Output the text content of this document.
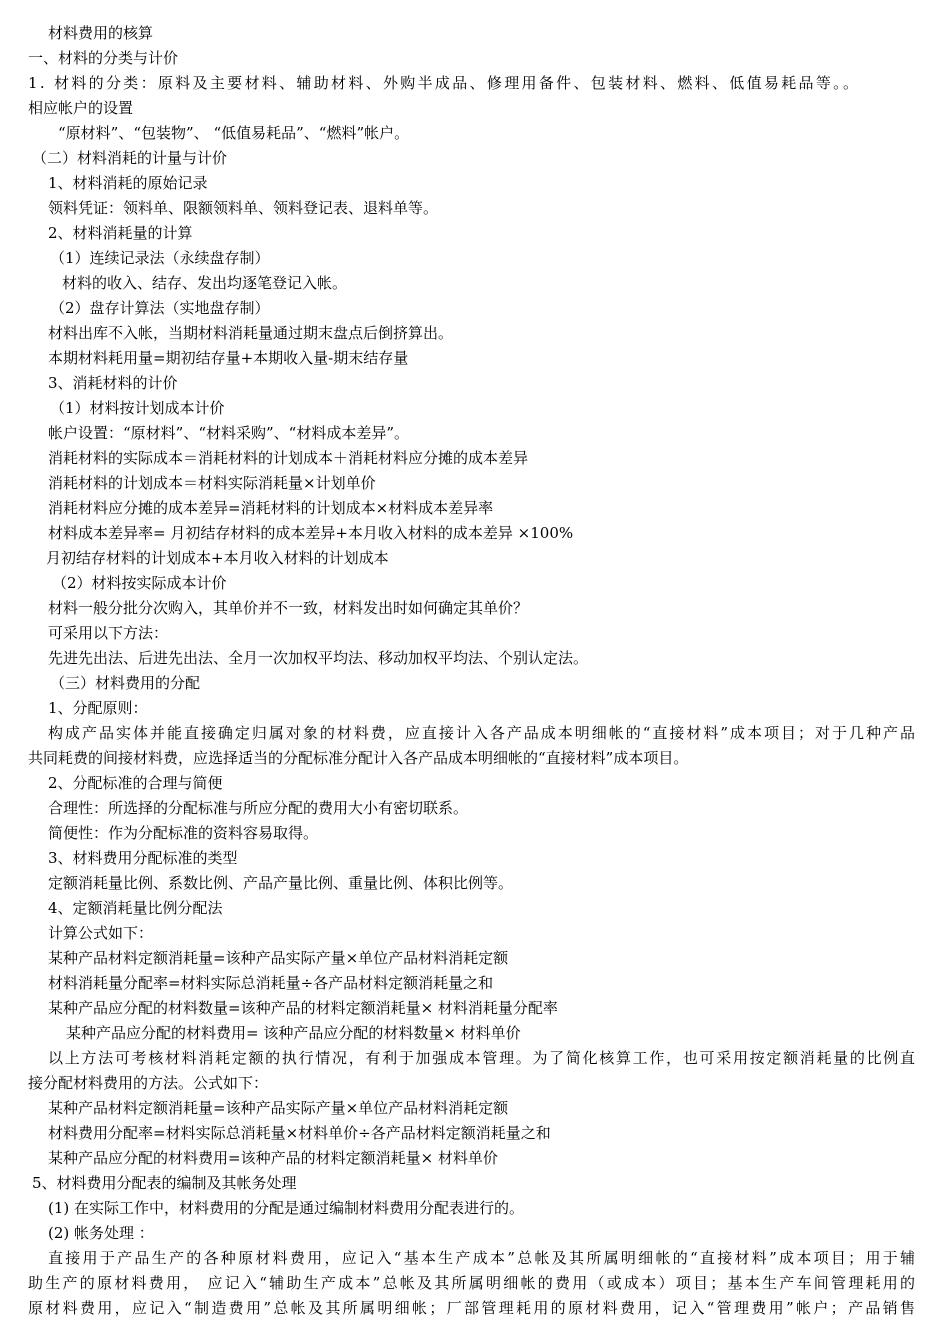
材料费用的核算
一、材料的分类与计价
1. 材料的分类：原料及主要材料、辅助材料、外购半成品、修理用备件、包装材料、燃料、低值易耗品等。。
相应帐户的设置
“原材料”、“包装物”、 “低值易耗品”、“燃料”帐户。
（二）材料消耗的计量与计价
1、材料消耗的原始记录
领料凭证：领料单、限额领料单、领料登记表、退料单等。
2、材料消耗量的计算
（1）连续记录法（永续盘存制）
材料的收入、结存、发出均逐笔登记入帐。
（2）盘存计算法（实地盘存制）
材料出库不入帐，当期材料消耗量通过期末盘点后倒挤算出。
本期材料耗用量=期初结存量+本期收入量-期末结存量
3、消耗材料的计价
（1）材料按计划成本计价
帐户设置：“原材料”、“材料采购”、“材料成本差异”。
消耗材料的实际成本＝消耗材料的计划成本＋消耗材料应分摊的成本差异
消耗材料的计划成本＝材料实际消耗量×计划单价
消耗材料应分摊的成本差异=消耗材料的计划成本×材料成本差异率
材料成本差异率= 月初结存材料的成本差异+本月收入材料的成本差异 ×100%
月初结存材料的计划成本+本月收入材料的计划成本
（2）材料按实际成本计价
材料一般分批分次购入，其单价并不一致，材料发出时如何确定其单价？
可采用以下方法：
先进先出法、后进先出法、全月一次加权平均法、移动加权平均法、个别认定法。
（三）材料费用的分配
1、分配原则：
构成产品实体并能直接确定归属对象的材料费，应直接计入各产品成本明细帐的“直接材料”成本项目；对于几种产品
共同耗费的间接材料费，应选择适当的分配标准分配计入各产品成本明细帐的“直接材料”成本项目。
2、分配标准的合理与简便
合理性：所选择的分配标准与所应分配的费用大小有密切联系。
简便性：作为分配标准的资料容易取得。
3、材料费用分配标准的类型
定额消耗量比例、系数比例、产品产量比例、重量比例、体积比例等。
4、定额消耗量比例分配法
计算公式如下：
某种产品材料定额消耗量=该种产品实际产量×单位产品材料消耗定额
材料消耗量分配率=材料实际总消耗量÷各产品材料定额消耗量之和
某种产品应分配的材料数量=该种产品的材料定额消耗量× 材料消耗量分配率
某种产品应分配的材料费用= 该种产品应分配的材料数量× 材料单价
以上方法可考核材料消耗定额的执行情况，有利于加强成本管理。为了简化核算工作，也可采用按定额消耗量的比例直
接分配材料费用的方法。公式如下：
某种产品材料定额消耗量=该种产品实际产量×单位产品材料消耗定额
材料费用分配率=材料实际总消耗量×材料单价÷各产品材料定额消耗量之和
某种产品应分配的材料费用=该种产品的材料定额消耗量× 材料单价
5、材料费用分配表的编制及其帐务处理
(1) 在实际工作中，材料费用的分配是通过编制材料费用分配表进行的。
(2) 帐务处理 ：
直接用于产品生产的各种原材料费用，应记入“基本生产成本”总帐及其所属明细帐的“直接材料”成本项目；用于辅
助生产的原材料费用， 应记入“辅助生产成本”总帐及其所属明细帐的费用（或成本）项目；基本生产车间管理耗用的
原材料费用，应记入“制造费用”总帐及其所属明细帐；厂部管理耗用的原材料费用，记入“管理费用”帐户；产品销售
